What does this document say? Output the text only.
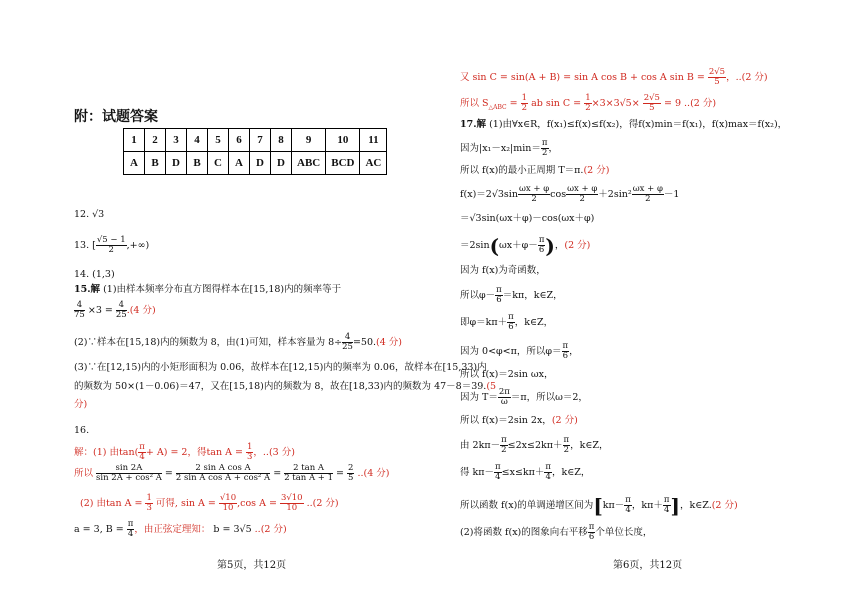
附：试题答案
1	2	3	4	5	6	7	8	9	10	11
A	B	D	B	C	A	D	D	ABC	BCD	AC
12. √3
13. [ $\frac{√5 - 1}{2}$ ,+∞)
14. (1,3)
15.解 (1)由样本频率分布直方图得样本在[15,18)内的频率等于
$\frac{4}{75} \times 3 = \frac{4}{25} .(4$ 分)
(2)∵样本在[15,18)内的频数为 8，由(1)可知，样本容量为 $8\div \frac{4}{25} =50.(4$ 分)
(3)∵在[12,15)内的小矩形面积为 0.06，故样本在[12,15)内的频率为 0.06，故样本在[15,33)内
的频数为 50×(1－0.06)＝47，又在[15,18)内的频数为 8，故在[18,33)内的频数为 47－8＝39.(5
分)
16.
解：(1) 由$\tan( \frac{\pi}{4} + A) = 2$，得$\tan A = \frac{1}{3}$ ，..(3 分)
所以 $\frac{\sin 2A}{\text{sin 2A + cos² A}} = \frac{\text{2 sin A cos A}}{\text{2 sin A cos A + cos² A}} = \frac{\text{2 tan A}}{\text{2 tan A + 1}} = \frac{2}{5} ..(4$ 分)
(2) 由$\tan A = \frac{1}{3}$ 可得, $\sin A = \frac{√10}{10} ,\cos$ $A = \frac{3√10}{10} ..(2$ 分)
a = 3, $B = \frac{\pi}{4}$ ，由正弦定理知： b = 3√5 ..(2 分)
第5页，共12页
又 sin C = sin(A + B) = sin A cos B + cos A $\sin B = \frac{2√5}{5}$ ，..(2 分)
所以 $S_{\triangle ABC} = \frac{1}{2}$ ab $\sin C = \frac{1}{2} \times 3\times 3√5\times \frac{2√5}{5} = 9$ ..(2 分)
17.解 (1)由∀x∈R，f(x₁)≤f(x)≤f(x₂)，得f(x)min＝f(x₁)，f(x)max＝f(x₂)，
因为$|x_1-x_2|\min= \frac{\pi}{2}$ ，
所以 f(x)的最小正周期 T＝π.(2 分)
$f(x)=2√3\sin \frac{\omega x + \varphi}{2}$ $\cos \frac{\omega x + \varphi}{2} +2\sin^2 \frac{\omega x + \varphi}{2} -1$
＝√3sin(ωx＋φ)－cos(ωx＋φ)
$=2\sin(\omega x+\varphi- \frac{\pi}{6}$ )，(2 分)
因为 f(x)为奇函数，
所以$\varphi- \frac{\pi}{6} =k\pi$，k∈Z，
即$\varphi=k\pi+ \frac{\pi}{6}$ ，k∈Z，
因为 0<φ<π，所以$\varphi= \frac{\pi}{6}$ ，
所以 f(x)＝2sin ωx，
因为 $T= \frac{2\pi}{\omega} =\pi$，所以ω＝2，
所以 f(x)＝2sin 2x，(2 分)
由 $2k\pi- \frac{\pi}{2} \le 2x\le 2k\pi+ \frac{\pi}{2}$ ，k∈Z，
得 $k\pi- \frac{\pi}{4} \le x\le k\pi+ \frac{\pi}{4}$ ，k∈Z，
所以函数 f(x)的单调递增区间为[$k\pi- \frac{\pi}{4}$ ，$k\pi+ \frac{\pi}{4}$ ]，k∈Z.(2 分)
(2)将函数 f(x)的图象向右平移 $\frac{\pi}{6}$ 个单位长度，
第6页，共12页
